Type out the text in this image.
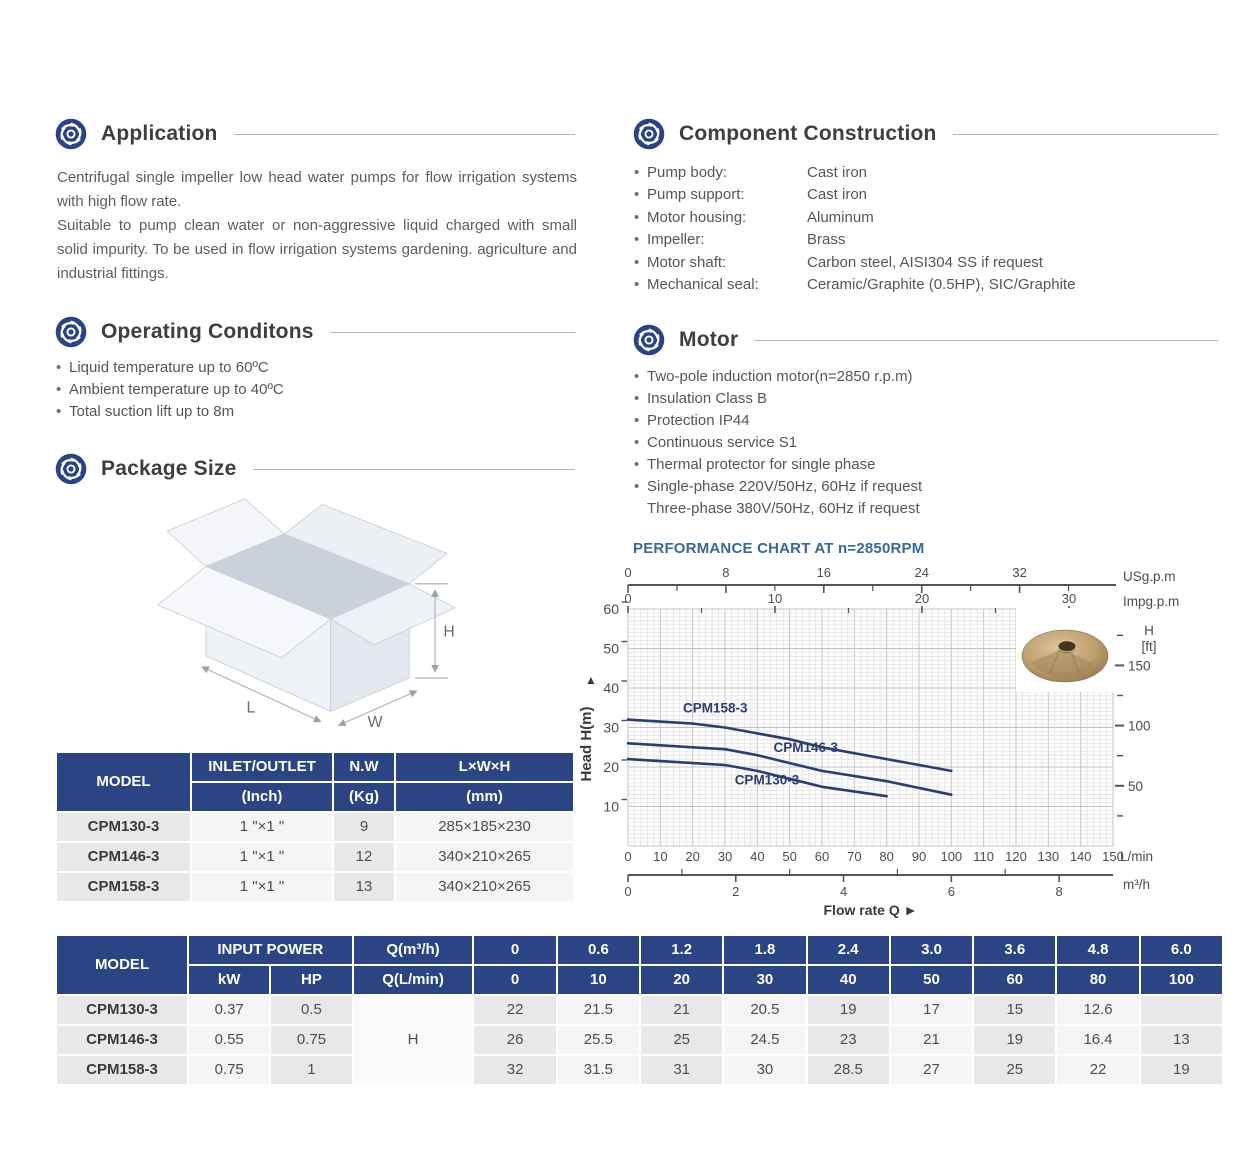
Application

Centrifugal single impeller low head water pumps for flow irrigation systems with high flow rate.

Suitable to pump clean water or non-aggressive liquid charged with small solid impurity. To be used in flow irrigation systems gardening. agriculture and industrial fittings.

Operating Conditons
• Liquid temperature up to 60ºC
• Ambient temperature up to 40ºC
• Total suction lift up to 8m
Package Size
L
W
H
MODEL	INLET/OUTLET	N.W	L×W×H
	(Inch)	(Kg)	(mm)
CPM130-3	1 "×1 "	9	285×185×230
CPM146-3	1 "×1 "	12	340×210×265
CPM158-3	1 "×1 "	13	340×210×265
Component Construction
• Pump body:	Cast iron
• Pump support:	Cast iron
• Motor housing:	Aluminum
• Impeller:	Brass
• Motor shaft:	Carbon steel, AISI304 SS if request
• Mechanical seal:	Ceramic/Graphite (0.5HP), SIC/Graphite
Motor
• Two-pole induction motor(n=2850 r.p.m)
• Insulation Class B
• Protection IP44
• Continuous service S1
• Thermal protector for single phase
• Single-phase 220V/50Hz, 60Hz if request
Three-phase 380V/50Hz, 60Hz if request
PERFORMANCE CHART AT n=2850RPM
0	8	16	24	32	USg.p.m
0	10	20	30	Impg.p.m
10
20
30
40
50
60
▲
Head H(m)
50
100
150
H
[ft]
CPM158-3
CPM146-3
CPM130-3
0 10 20 30 40 50 60 70 80 90 100 110 120 130 140 150
L/min
0	2	4	6	8	m³/h
Flow rate Q ►
MODEL	INPUT POWER		Q(m³/h)	0	0.6	1.2	1.8	2.4	3.0	3.6	4.8	6.0
	kW	HP	Q(L/min)	0	10	20	30	40	50	60	80	100
CPM130-3	0.37	0.5	H	22	21.5	21	20.5	19	17	15	12.6	
CPM146-3	0.55	0.75		26	25.5	25	24.5	23	21	19	16.4	13
CPM158-3	0.75	1		32	31.5	31	30	28.5	27	25	22	19
